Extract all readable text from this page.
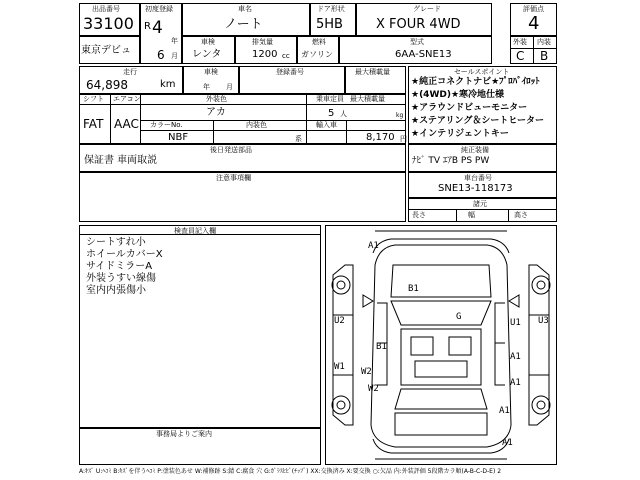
出品番号
33100
東京デビュ
初度登録
R 4
年
6 月
車名
ノート
ドア形状
5HB
グレード
X FOUR 4WD
評価点
4
車検
レンタ
排気量
1200 cc
燃料
ガソリン
型式
6AA-SNE13
外装 内装
C B
走行
64,898	km
車検
年 月
登録番号	最大積載量	セールスポイント
★純正コネクトナビ★ﾌﾟﾛﾊﾟｲﾛｯﾄ
★(4WD)★寒冷地仕様
★アラウンドビューモニター
★ステアリング＆シートヒーター
★インテリジェントキー
シフト エアコン
FAT AAC
外装色
アカ
乗車定員 最大積載量
5 人	kg
カラーNo.	内装色
NBF	系
輸入車
8,170 円
後日発送部品
保証書 車両取説
純正装備
ﾅﾋﾞ TV ｴｱB PS PW
注意事項欄	車台番号
SNE13-118173
諸元
長さ	幅	高さ
検査員記入欄
シートすれ小
ホイールカバーX
サイドミラーA
外装うすい線傷
室内内張傷小
事務局よりご案内
A1
B1
G
U2	U1 U3
B1
W1 W2
A1
W2
A1
A1
A1
A:ｷｽﾞ U:ﾍｺﾐ B:ｷｽﾞを伴うﾍｺﾐ P:塗装色あせ W:補修跡 S:錆 C:腐食 穴 G:ｶﾞﾗｽﾋﾋﾞ(ﾁｯﾌﾟ) XX:交換済み X:要交換 ○:欠品 内:外装評価 5段階カラ順(A-B-C-D-E) 2
